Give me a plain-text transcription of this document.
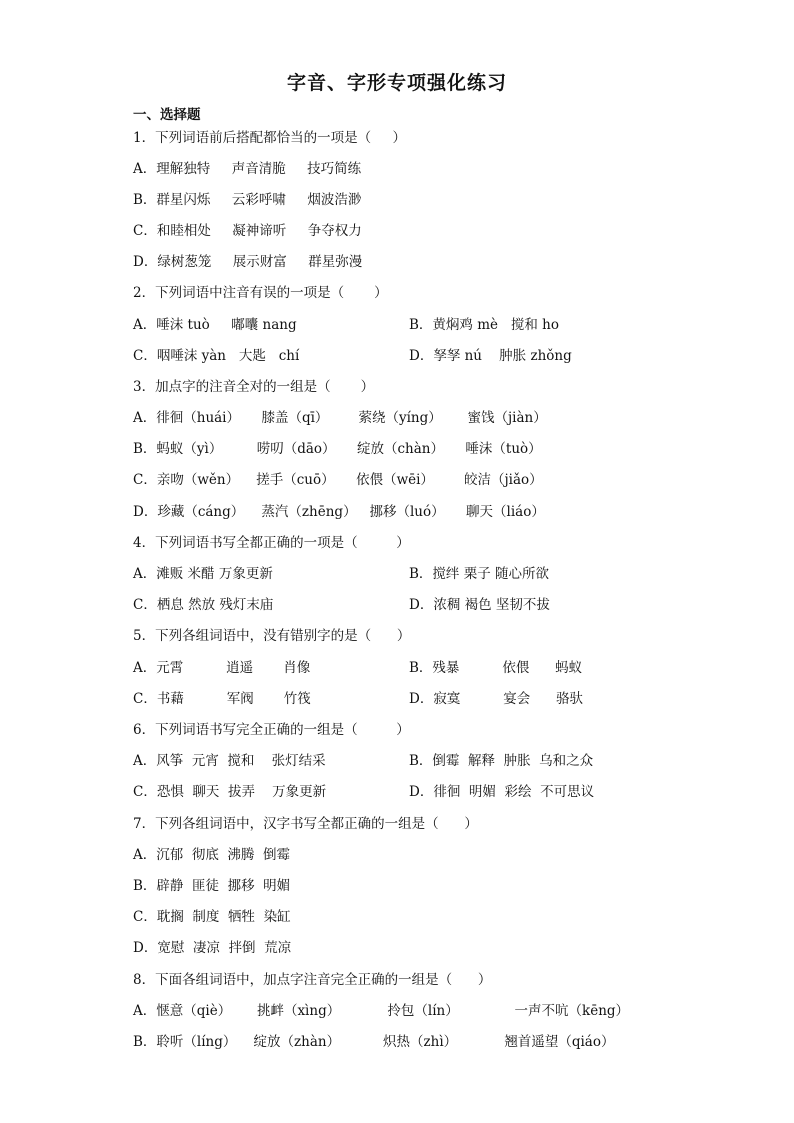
字音、字形专项强化练习
一、选择题
1．下列词语前后搭配都恰当的一项是（     ）
A．理解独特     声音清脆     技巧简练
B．群星闪烁     云彩呼啸     烟波浩渺
C．和睦相处     凝神谛听     争夺权力
D．绿树葱笼     展示财富     群星弥漫
2．下列词语中注音有误的一项是（       ）
A．唾沫 tuò     嘟囔 nang	B．黄焖鸡 mè   搅和 ho
C．咽唾沫 yàn   大匙   chí	D．孥孥 nú    肿胀 zhǒng
3．加点字的注音全对的一组是（       ）
A．徘徊（huái）     膝盖（qī）       萦绕（yíng）      蜜饯（jiàn）
B．蚂蚁（yì）        唠叨（dāo）     绽放（chàn）     唾沫（tuò）
C．亲吻（wěn）    搓手（cuō）     依偎（wēi）       皎洁（jiǎo）
D．珍藏（cáng）    蒸汽（zhēng）   挪移（luó）     聊天（liáo）
4．下列词语书写全都正确的一项是（         ）
A．滩贩 米醋 万象更新	B．搅绊 栗子 随心所欲
C．栖息 然放 残灯末庙	D．浓稠 褐色 坚韧不拔
5．下列各组词语中，没有错别字的是（      ）
A．元霄          逍遥       肖像	B．残暴          依偎      蚂蚁
C．书藉          军阀       竹筏	D．寂寞          宴会      骆驮
6．下列词语书写完全正确的一组是（         ）
A．风筝  元宵  搅和    张灯结采	B．倒霉  解释  肿胀  乌和之众
C．恐惧  聊天  拔弄    万象更新	D．徘徊  明媚  彩绘  不可思议
7．下列各组词语中，汉字书写全都正确的一组是（      ）
A．沉郁  彻底  沸腾  倒霉
B．辟静  匪徒  挪移  明媚
C．耽搁  制度  牺牲  染缸
D．宽慰  凄凉  拌倒  荒凉
8．下面各组词语中，加点字注音完全正确的一组是（      ）
A．惬意（qiè）      挑衅（xìng）           拎包（lín）             一声不吭（kēng）
B．聆听（líng）    绽放（zhàn）          炽热（zhì）           翘首遥望（qiáo）
